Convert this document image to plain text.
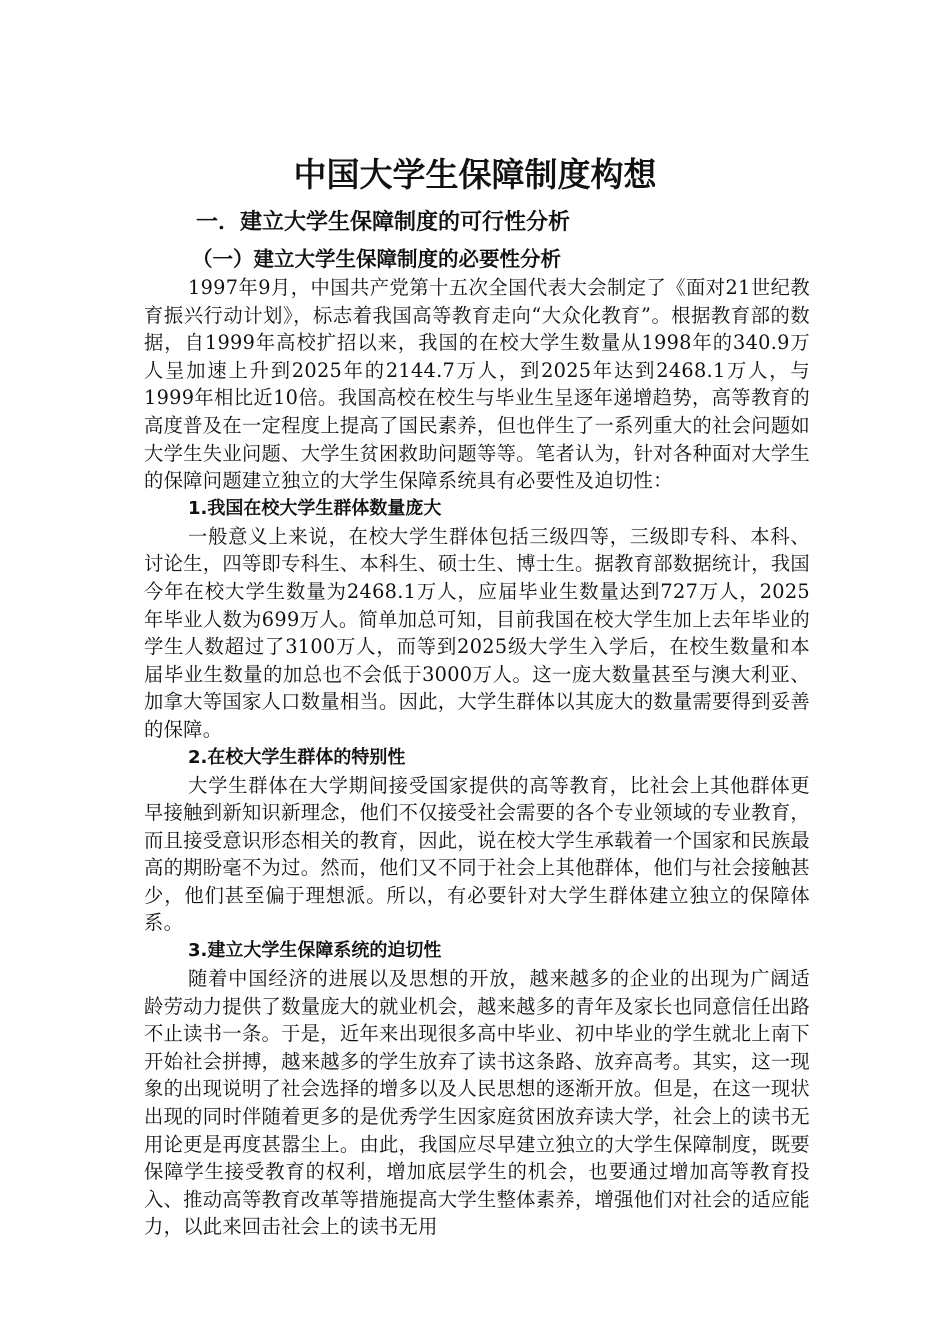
中国大学生保障制度构想
一．建立大学生保障制度的可行性分析
（一）建立大学生保障制度的必要性分析

1997年9月，中国共产党第十五次全国代表大会制定了《面对21世纪教育振兴行动计划》，标志着我国高等教育走向“大众化教育”。根据教育部的数据，自1999年高校扩招以来，我国的在校大学生数量从1998年的340.9万人呈加速上升到2025年的2144.7万人，到2025年达到2468.1万人，与1999年相比近10倍。我国高校在校生与毕业生呈逐年递增趋势，高等教育的高度普及在一定程度上提高了国民素养，但也伴生了一系列重大的社会问题如大学生失业问题、大学生贫困救助问题等等。笔者认为，针对各种面对大学生的保障问题建立独立的大学生保障系统具有必要性及迫切性：

1.我国在校大学生群体数量庞大

一般意义上来说，在校大学生群体包括三级四等，三级即专科、本科、讨论生，四等即专科生、本科生、硕士生、博士生。据教育部数据统计，我国今年在校大学生数量为2468.1万人，应届毕业生数量达到727万人，2025年毕业人数为699万人。简单加总可知，目前我国在校大学生加上去年毕业的学生人数超过了3100万人，而等到2025级大学生入学后，在校生数量和本届毕业生数量的加总也不会低于3000万人。这一庞大数量甚至与澳大利亚、加拿大等国家人口数量相当。因此，大学生群体以其庞大的数量需要得到妥善的保障。

2.在校大学生群体的特别性

大学生群体在大学期间接受国家提供的高等教育，比社会上其他群体更早接触到新知识新理念，他们不仅接受社会需要的各个专业领域的专业教育，而且接受意识形态相关的教育，因此，说在校大学生承载着一个国家和民族最高的期盼毫不为过。然而，他们又不同于社会上其他群体，他们与社会接触甚少，他们甚至偏于理想派。所以，有必要针对大学生群体建立独立的保障体系。

3.建立大学生保障系统的迫切性

随着中国经济的进展以及思想的开放，越来越多的企业的出现为广阔适龄劳动力提供了数量庞大的就业机会，越来越多的青年及家长也同意信任出路不止读书一条。于是，近年来出现很多高中毕业、初中毕业的学生就北上南下开始社会拼搏，越来越多的学生放弃了读书这条路、放弃高考。其实，这一现象的出现说明了社会选择的增多以及人民思想的逐渐开放。但是，在这一现状出现的同时伴随着更多的是优秀学生因家庭贫困放弃读大学，社会上的读书无用论更是再度甚嚣尘上。由此，我国应尽早建立独立的大学生保障制度，既要保障学生接受教育的权利，增加底层学生的机会，也要通过增加高等教育投入、推动高等教育改革等措施提高大学生整体素养，增强他们对社会的适应能力，以此来回击社会上的读书无用
